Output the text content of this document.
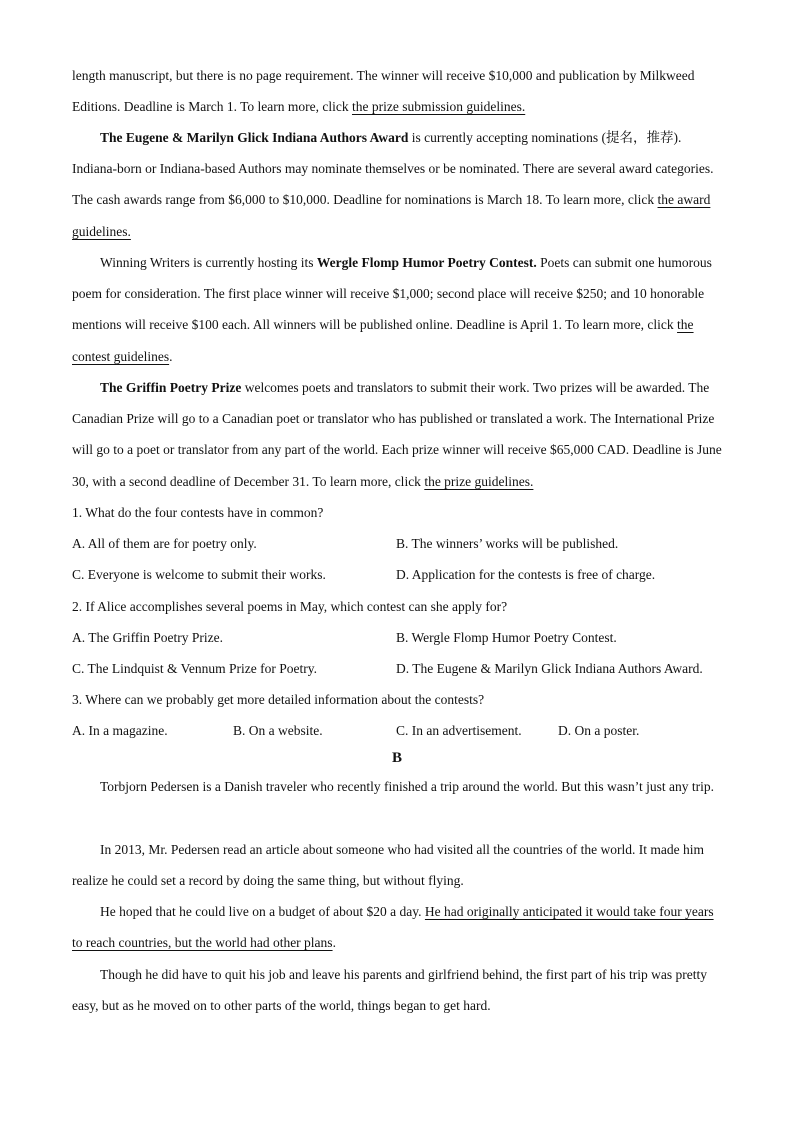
length manuscript, but there is no page requirement. The winner will receive $10,000 and publication by Milkweed Editions. Deadline is March 1. To learn more, click the prize submission guidelines.

The Eugene & Marilyn Glick Indiana Authors Award is currently accepting nominations (提名，推荐). Indiana-born or Indiana-based Authors may nominate themselves or be nominated. There are several award categories. The cash awards range from $6,000 to $10,000. Deadline for nominations is March 18. To learn more, click the award guidelines.

Winning Writers is currently hosting its Wergle Flomp Humor Poetry Contest. Poets can submit one humorous poem for consideration. The first place winner will receive $1,000; second place will receive $250; and 10 honorable mentions will receive $100 each. All winners will be published online. Deadline is April 1. To learn more, click the contest guidelines.

The Griffin Poetry Prize welcomes poets and translators to submit their work. Two prizes will be awarded. The Canadian Prize will go to a Canadian poet or translator who has published or translated a work. The International Prize will go to a poet or translator from any part of the world. Each prize winner will receive $65,000 CAD. Deadline is June 30, with a second deadline of December 31. To learn more, click the prize guidelines.

1. What do the four contests have in common?
A. All of them are for poetry only.	B. The winners’ works will be published.
C. Everyone is welcome to submit their works.	D. Application for the contests is free of charge.
2. If Alice accomplishes several poems in May, which contest can she apply for?
A. The Griffin Poetry Prize.	B. Wergle Flomp Humor Poetry Contest.
C. The Lindquist & Vennum Prize for Poetry.	D. The Eugene & Marilyn Glick Indiana Authors Award.
3. Where can we probably get more detailed information about the contests?
A. In a magazine.	B. On a website.	C. In an advertisement.	D. On a poster.
B

Torbjorn Pedersen is a Danish traveler who recently finished a trip around the world. But this wasn’t just any trip.

In 2013, Mr. Pedersen read an article about someone who had visited all the countries of the world. It made him realize he could set a record by doing the same thing, but without flying.

He hoped that he could live on a budget of about $20 a day. He had originally anticipated it would take four years to reach countries, but the world had other plans.

Though he did have to quit his job and leave his parents and girlfriend behind, the first part of his trip was pretty easy, but as he moved on to other parts of the world, things began to get hard.
